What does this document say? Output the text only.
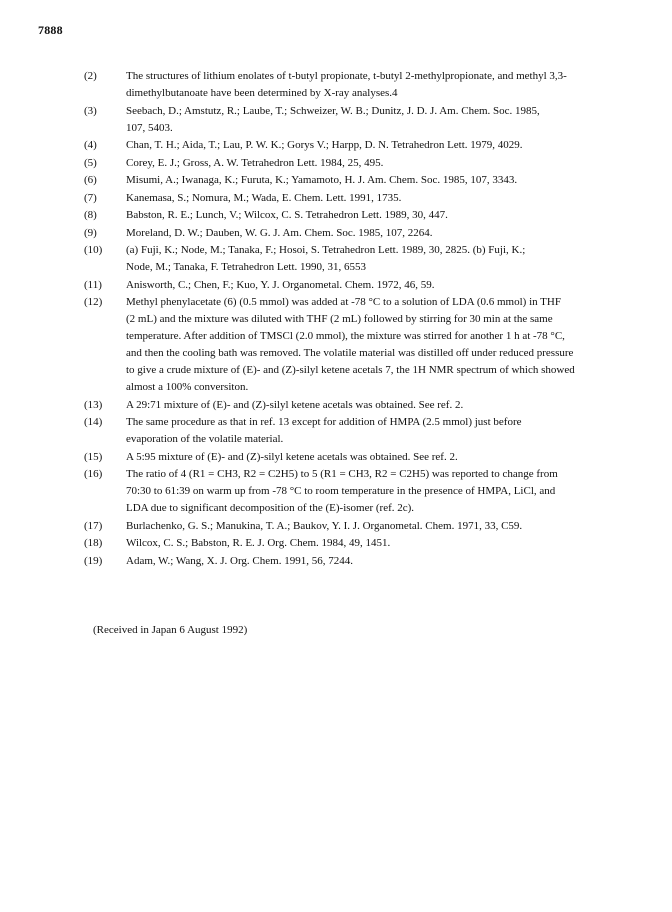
7888
(2)	The structures of lithium enolates of t-butyl propionate, t-butyl 2-methylpropionate, and methyl 3,3-
dimethylbutanoate have been determined by X-ray analyses.4
(3)	Seebach, D.; Amstutz, R.; Laube, T.; Schweizer, W. B.; Dunitz, J. D. J. Am. Chem. Soc. 1985,
107, 5403.
(4)	Chan, T. H.; Aida, T.; Lau, P. W. K.; Gorys V.; Harpp, D. N. Tetrahedron Lett. 1979, 4029.
(5)	Corey, E. J.; Gross, A. W. Tetrahedron Lett. 1984, 25, 495.
(6)	Misumi, A.; Iwanaga, K.; Furuta, K.; Yamamoto, H. J. Am. Chem. Soc. 1985, 107, 3343.
(7)	Kanemasa, S.; Nomura, M.; Wada, E. Chem. Lett. 1991, 1735.
(8)	Babston, R. E.; Lunch, V.; Wilcox, C. S. Tetrahedron Lett. 1989, 30, 447.
(9)	Moreland, D. W.; Dauben, W. G. J. Am. Chem. Soc. 1985, 107, 2264.
(10)	(a) Fuji, K.; Node, M.; Tanaka, F.; Hosoi, S. Tetrahedron Lett. 1989, 30, 2825. (b) Fuji, K.;
Node, M.; Tanaka, F. Tetrahedron Lett. 1990, 31, 6553
(11)	Anisworth, C.; Chen, F.; Kuo, Y. J. Organometal. Chem. 1972, 46, 59.
(12)	Methyl phenylacetate (6) (0.5 mmol) was added at -78 °C to a solution of LDA (0.6 mmol) in THF
(2 mL) and the mixture was diluted with THF (2 mL) followed by stirring for 30 min at the same
temperature. After addition of TMSCl (2.0 mmol), the mixture was stirred for another 1 h at -78 °C,
and then the cooling bath was removed. The volatile material was distilled off under reduced pressure
to give a crude mixture of (E)- and (Z)-silyl ketene acetals 7, the 1H NMR spectrum of which showed
almost a 100% conversiton.
(13)	A 29:71 mixture of (E)- and (Z)-silyl ketene acetals was obtained. See ref. 2.
(14)	The same procedure as that in ref. 13 except for addition of HMPA (2.5 mmol) just before
evaporation of the volatile material.
(15)	A 5:95 mixture of (E)- and (Z)-silyl ketene acetals was obtained. See ref. 2.
(16)	The ratio of 4 (R1 = CH3, R2 = C2H5) to 5 (R1 = CH3, R2 = C2H5) was reported to change from
70:30 to 61:39 on warm up from -78 °C to room temperature in the presence of HMPA, LiCl, and
LDA due to significant decomposition of the (E)-isomer (ref. 2c).
(17)	Burlachenko, G. S.; Manukina, T. A.; Baukov, Y. I. J. Organometal. Chem. 1971, 33, C59.
(18)	Wilcox, C. S.; Babston, R. E. J. Org. Chem. 1984, 49, 1451.
(19)	Adam, W.; Wang, X. J. Org. Chem. 1991, 56, 7244.
(Received in Japan 6 August 1992)
